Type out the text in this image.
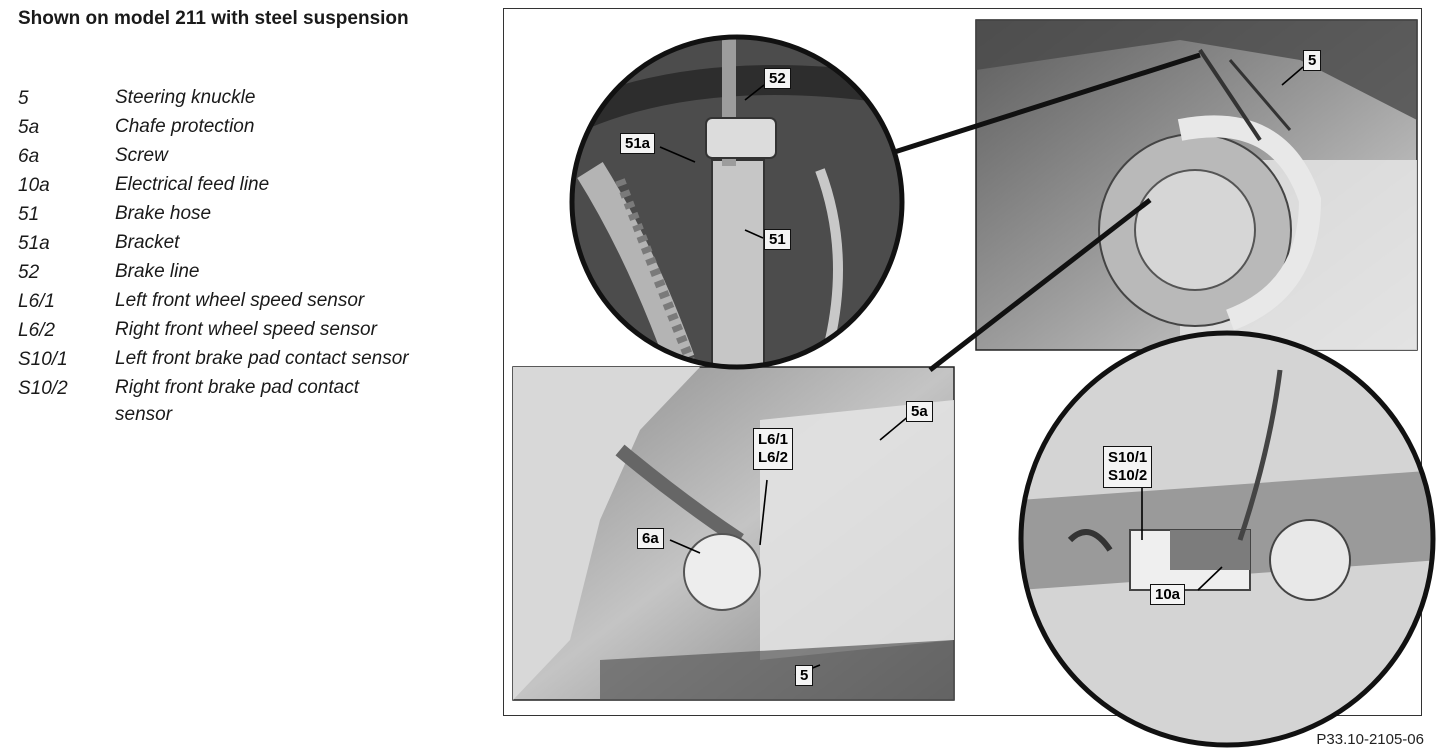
Shown on model 211 with steel suspension
5	Steering knuckle
5a	Chafe protection
6a	Screw
10a	Electrical feed line
51	Brake hose
51a	Bracket
52	Brake line
L6/1	Left front wheel speed sensor
L6/2	Right front wheel speed sensor
S10/1	Left front brake pad contact sensor
S10/2	Right front brake pad contact sensor
52
51a
51
5
5a
L6/1
L6/2
6a
5
S10/1
S10/2
10a
P33.10-2105-06
